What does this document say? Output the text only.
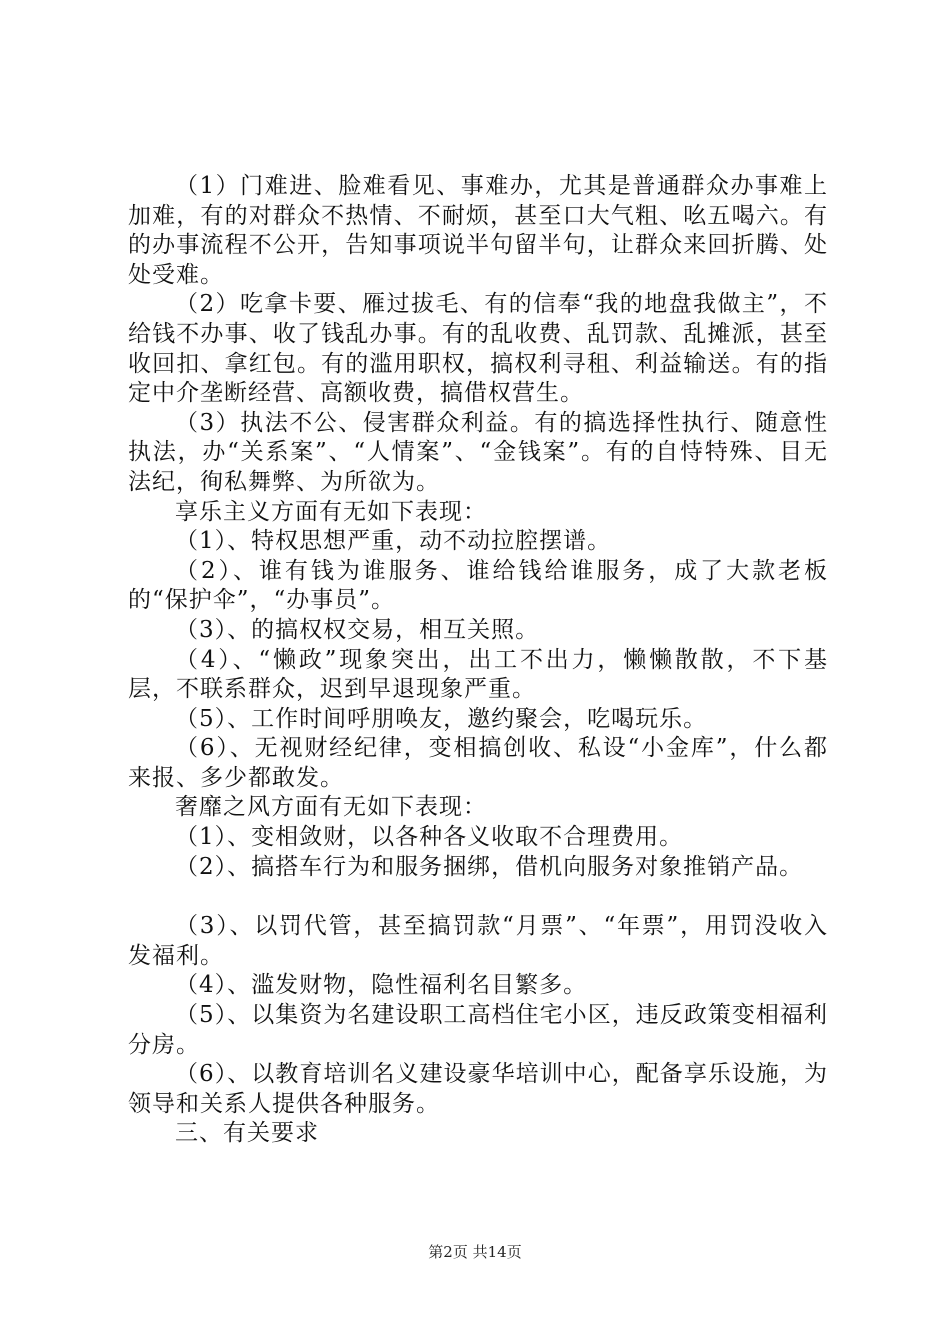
（1）门难进、脸难看见、事难办，尤其是普通群众办事难上加难，有的对群众不热情、不耐烦，甚至口大气粗、吆五喝六。有的办事流程不公开，告知事项说半句留半句，让群众来回折腾、处处受难。

（2）吃拿卡要、雁过拔毛、有的信奉“我的地盘我做主”，不给钱不办事、收了钱乱办事。有的乱收费、乱罚款、乱摊派，甚至收回扣、拿红包。有的滥用职权，搞权利寻租、利益输送。有的指定中介垄断经营、高额收费，搞借权营生。

（3）执法不公、侵害群众利益。有的搞选择性执行、随意性执法，办“关系案”、“人情案”、“金钱案”。有的自恃特殊、目无法纪，徇私舞弊、为所欲为。

享乐主义方面有无如下表现：

（1）、特权思想严重，动不动拉腔摆谱。

（2）、谁有钱为谁服务、谁给钱给谁服务，成了大款老板的“保护伞”，“办事员”。

（3）、的搞权权交易，相互关照。

（4）、“懒政”现象突出，出工不出力，懒懒散散，不下基层，不联系群众，迟到早退现象严重。

（5）、工作时间呼朋唤友，邀约聚会，吃喝玩乐。

（6）、无视财经纪律，变相搞创收、私设“小金库”，什么都来报、多少都敢发。

奢靡之风方面有无如下表现：

（1）、变相敛财，以各种各义收取不合理费用。

（2）、搞搭车行为和服务捆绑，借机向服务对象推销产品。

（3）、以罚代管，甚至搞罚款“月票”、“年票”，用罚没收入发福利。

（4）、滥发财物，隐性福利名目繁多。

（5）、以集资为名建设职工高档住宅小区，违反政策变相福利分房。

（6）、以教育培训名义建设豪华培训中心，配备享乐设施，为领导和关系人提供各种服务。

三、有关要求

第2页 共14页
